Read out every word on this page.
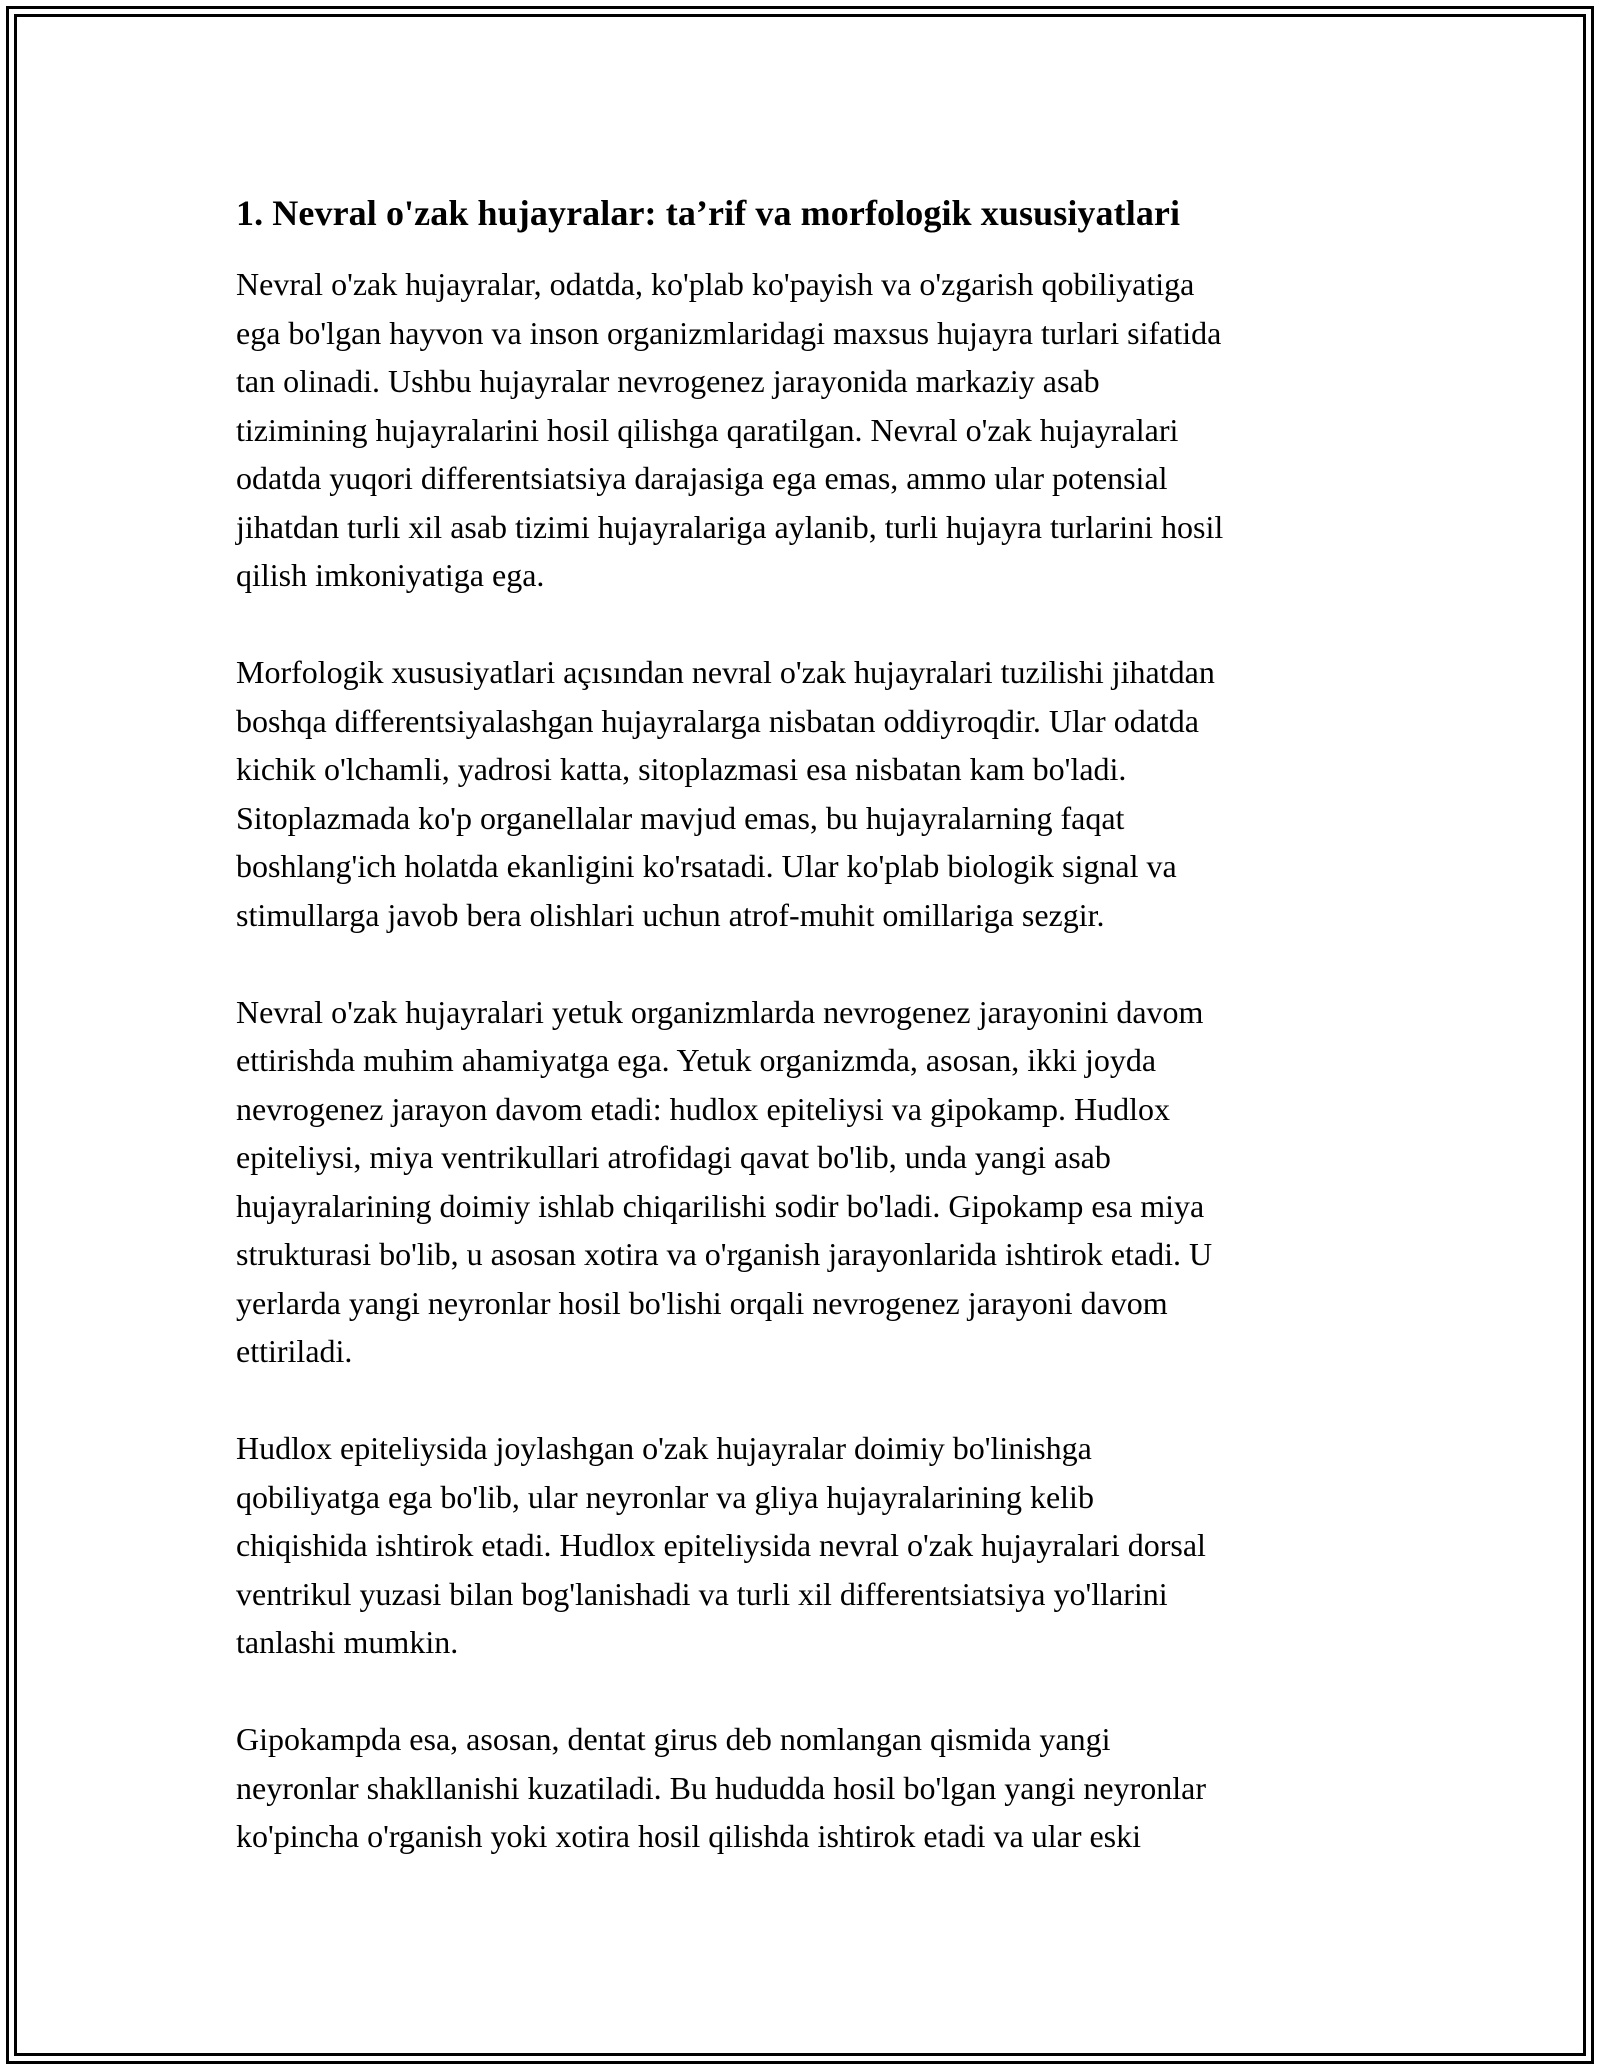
1. Nevral o'zak hujayralar: ta’rif va morfologik xususiyatlari

Nevral o'zak hujayralar, odatda, ko'plab ko'payish va o'zgarish qobiliyatiga
ega bo'lgan hayvon va inson organizmlaridagi maxsus hujayra turlari sifatida
tan olinadi. Ushbu hujayralar nevrogenez jarayonida markaziy asab
tizimining hujayralarini hosil qilishga qaratilgan. Nevral o'zak hujayralari
odatda yuqori differentsiatsiya darajasiga ega emas, ammo ular potensial
jihatdan turli xil asab tizimi hujayralariga aylanib, turli hujayra turlarini hosil
qilish imkoniyatiga ega.

Morfologik xususiyatlari açısından nevral o'zak hujayralari tuzilishi jihatdan
boshqa differentsiyalashgan hujayralarga nisbatan oddiyroqdir. Ular odatda
kichik o'lchamli, yadrosi katta, sitoplazmasi esa nisbatan kam bo'ladi.
Sitoplazmada ko'p organellalar mavjud emas, bu hujayralarning faqat
boshlang'ich holatda ekanligini ko'rsatadi. Ular ko'plab biologik signal va
stimullarga javob bera olishlari uchun atrof-muhit omillariga sezgir.

Nevral o'zak hujayralari yetuk organizmlarda nevrogenez jarayonini davom
ettirishda muhim ahamiyatga ega. Yetuk organizmda, asosan, ikki joyda
nevrogenez jarayon davom etadi: hudlox epiteliysi va gipokamp. Hudlox
epiteliysi, miya ventrikullari atrofidagi qavat bo'lib, unda yangi asab
hujayralarining doimiy ishlab chiqarilishi sodir bo'ladi. Gipokamp esa miya
strukturasi bo'lib, u asosan xotira va o'rganish jarayonlarida ishtirok etadi. U
yerlarda yangi neyronlar hosil bo'lishi orqali nevrogenez jarayoni davom
ettiriladi.

Hudlox epiteliysida joylashgan o'zak hujayralar doimiy bo'linishga
qobiliyatga ega bo'lib, ular neyronlar va gliya hujayralarining kelib
chiqishida ishtirok etadi. Hudlox epiteliysida nevral o'zak hujayralari dorsal
ventrikul yuzasi bilan bog'lanishadi va turli xil differentsiatsiya yo'llarini
tanlashi mumkin.

Gipokampda esa, asosan, dentat girus deb nomlangan qismida yangi
neyronlar shakllanishi kuzatiladi. Bu hududda hosil bo'lgan yangi neyronlar
ko'pincha o'rganish yoki xotira hosil qilishda ishtirok etadi va ular eski
